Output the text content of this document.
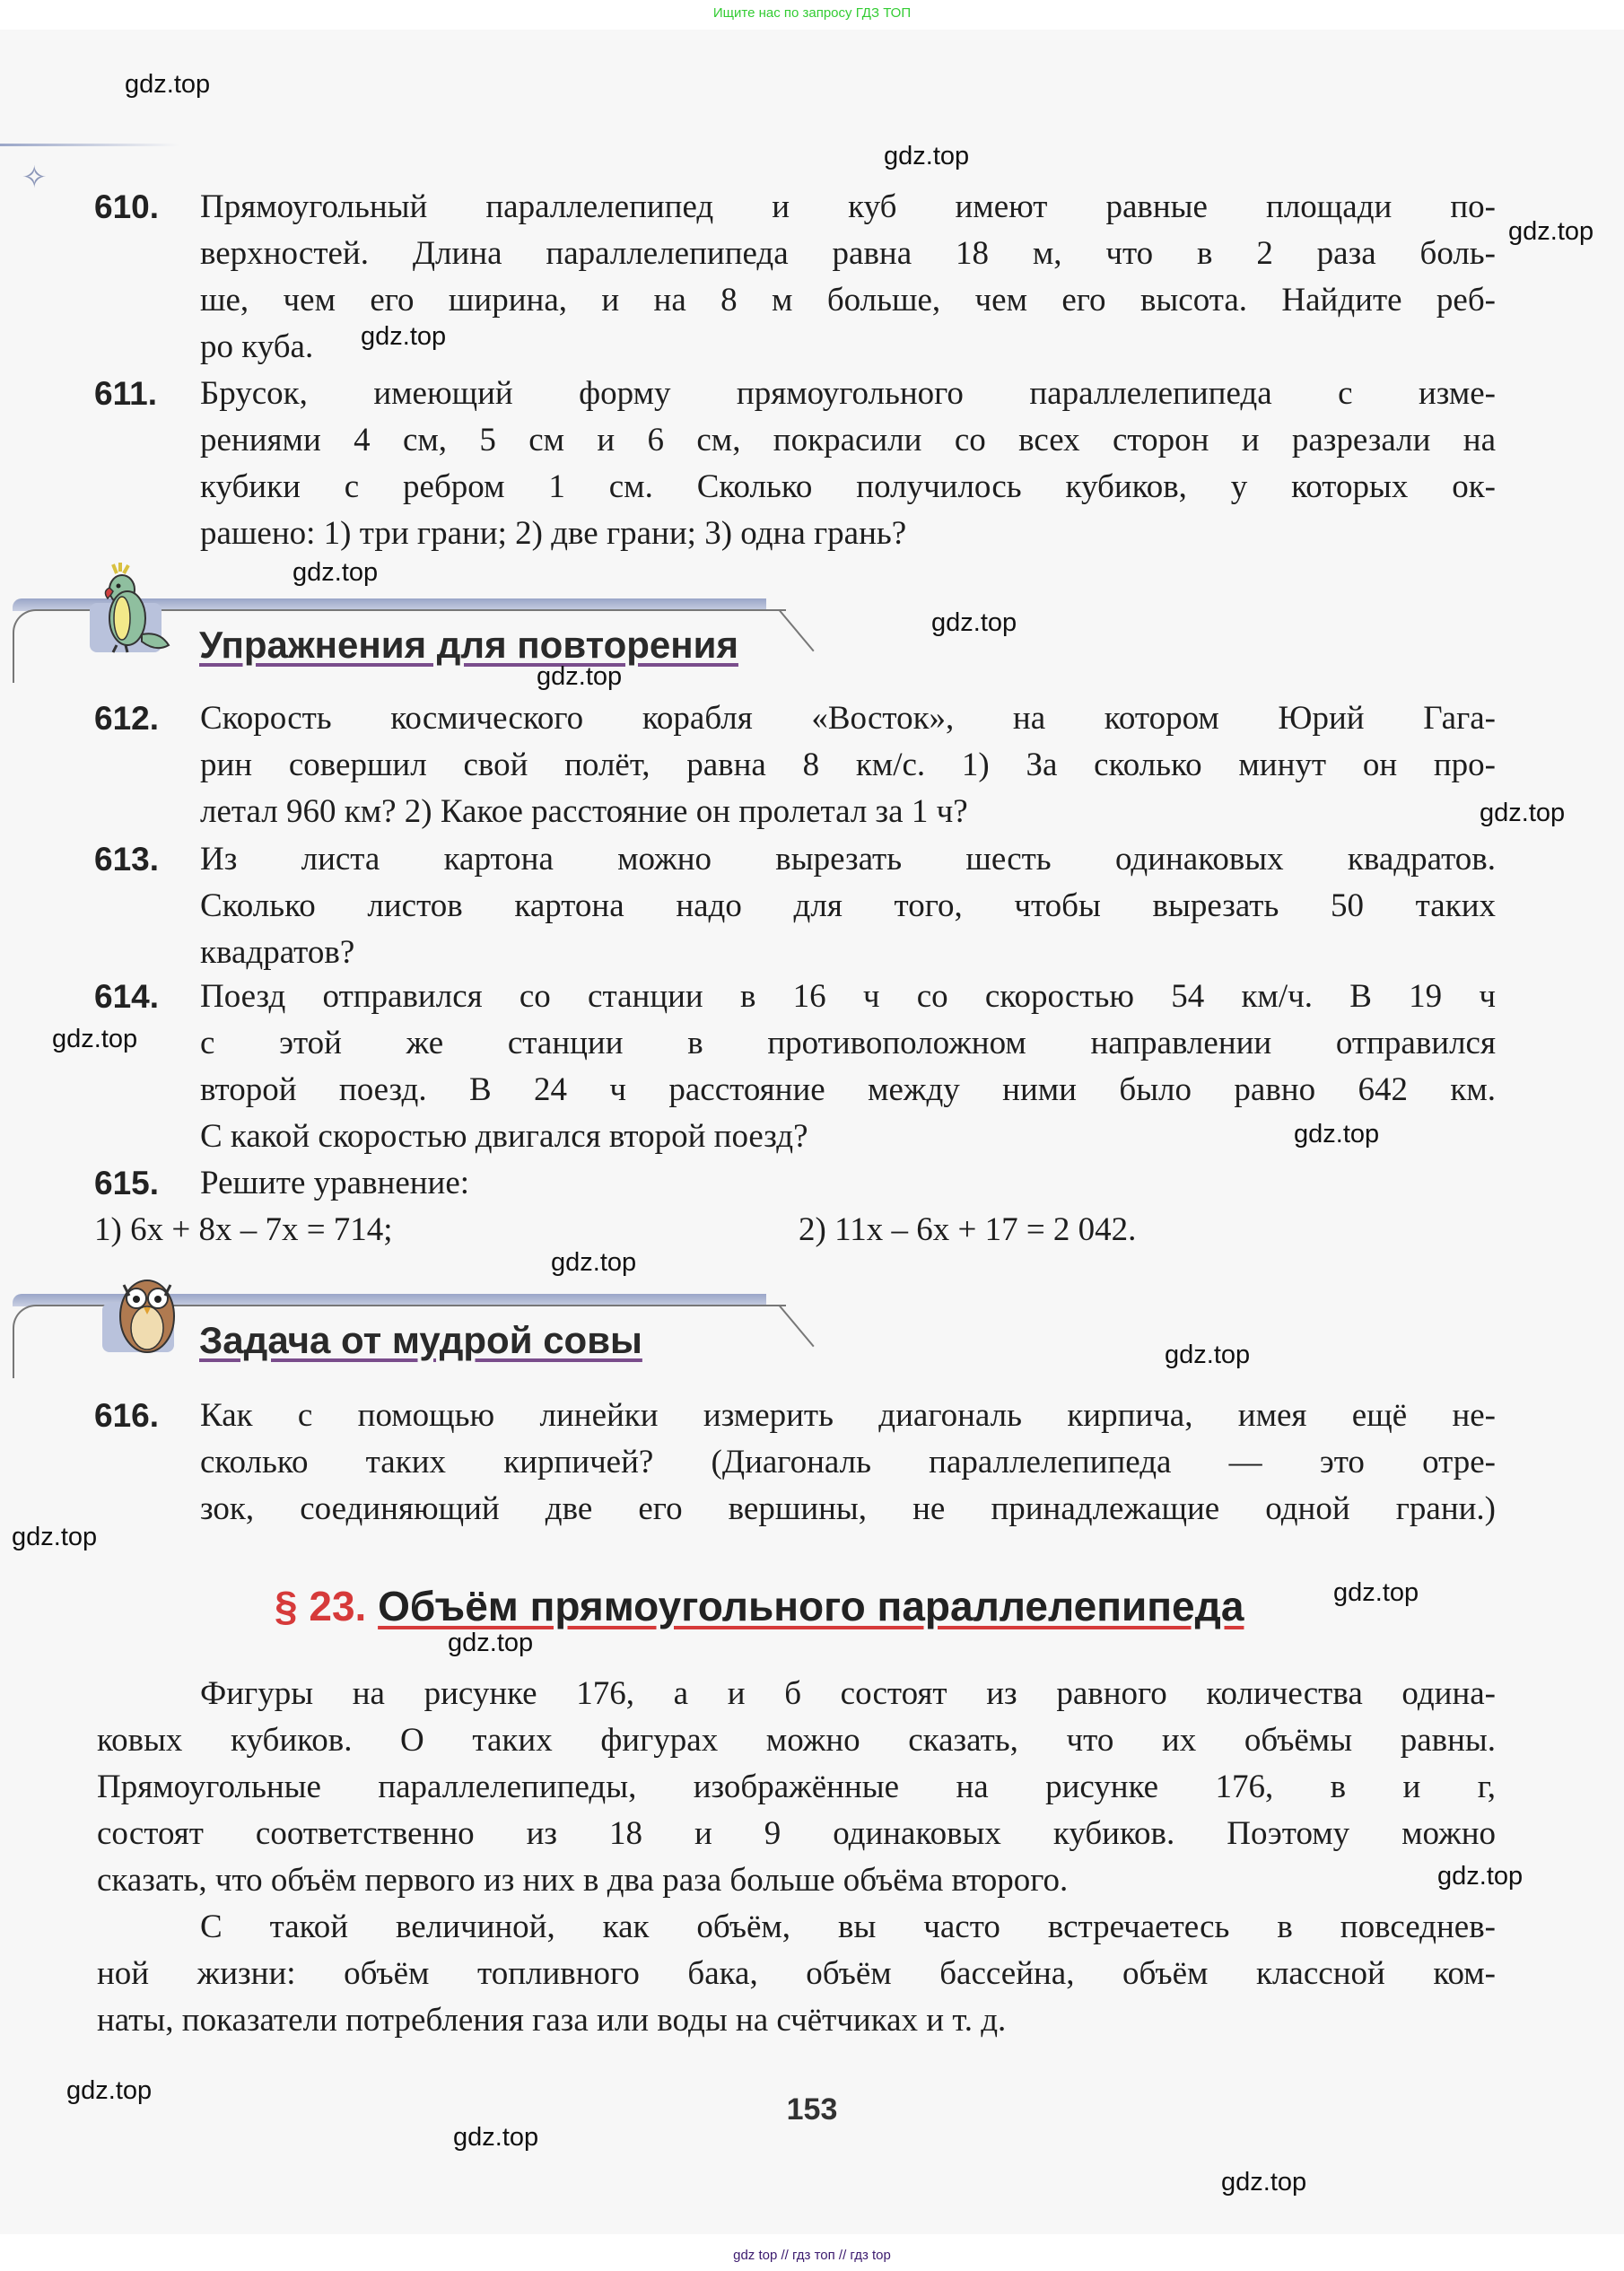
Ищите нас по запросу ГДЗ ТОП
✧
610. Прямоугольный параллелепипед и куб имеют равные площади по-
верхностей. Длина параллелепипеда равна 18 м, что в 2 раза боль-
ше, чем его ширина, и на 8 м больше, чем его высота. Найдите реб-
ро куба.
611. Брусок, имеющий форму прямоугольного параллелепипеда с изме-
рениями 4 см, 5 см и 6 см, покрасили со всех сторон и разрезали на
кубики с ребром 1 см. Сколько получилось кубиков, у которых ок-
рашено: 1) три грани; 2) две грани; 3) одна грань?
Упражнения для повторения
612. Скорость космического корабля «Восток», на котором Юрий Гага-
рин совершил свой полёт, равна 8 км/с. 1) За сколько минут он про-
летал 960 км? 2) Какое расстояние он пролетал за 1 ч?
613. Из листа картона можно вырезать шесть одинаковых квадратов.
Сколько листов картона надо для того, чтобы вырезать 50 таких
квадратов?
614. Поезд отправился со станции в 16 ч со скоростью 54 км/ч. В 19 ч
с этой же станции в противоположном направлении отправился
второй поезд. В 24 ч расстояние между ними было равно 642 км.
С какой скоростью двигался второй поезд?
615. Решите уравнение:
1) 6x + 8x – 7x = 714;	2) 11x – 6x + 17 = 2 042.
Задача от мудрой совы
616. Как с помощью линейки измерить диагональ кирпича, имея ещё не-
сколько таких кирпичей? (Диагональ параллелепипеда — это отре-
зок, соединяющий две его вершины, не принадлежащие одной грани.)
§ 23. Объём прямоугольного параллелепипеда
Фигуры на рисунке 176, а и б состоят из равного количества одина-
ковых кубиков. О таких фигурах можно сказать, что их объёмы равны.
Прямоугольные параллелепипеды, изображённые на рисунке 176, в и г,
состоят соответственно из 18 и 9 одинаковых кубиков. Поэтому можно
сказать, что объём первого из них в два раза больше объёма второго.
С такой величиной, как объём, вы часто встречаетесь в повседнев-
ной жизни: объём топливного бака, объём бассейна, объём классной ком-
наты, показатели потребления газа или воды на счётчиках и т. д.
153
gdz top // гдз топ // гдз top
gdz.top
gdz.top
gdz.top
gdz.top
gdz.top
gdz.top
gdz.top
gdz.top
gdz.top
gdz.top
gdz.top
gdz.top
gdz.top
gdz.top
gdz.top
gdz.top
gdz.top
gdz.top
gdz.top
